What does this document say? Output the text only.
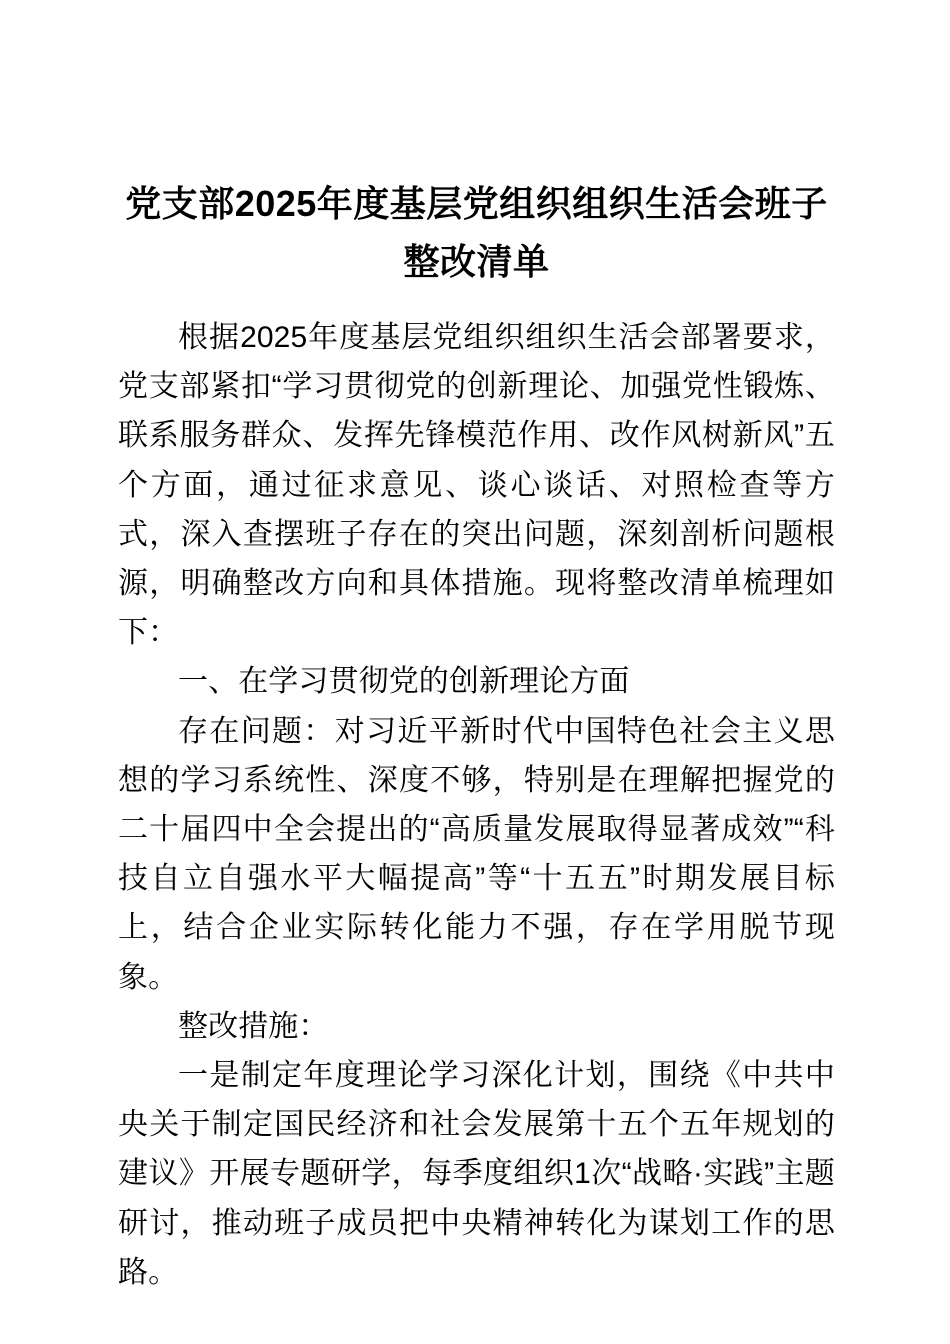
党支部2025年度基层党组织组织生活会班子整改清单

根据2025年度基层党组织组织生活会部署要求，党支部紧扣“学习贯彻党的创新理论、加强党性锻炼、联系服务群众、发挥先锋模范作用、改作风树新风”五个方面，通过征求意见、谈心谈话、对照检查等方式，深入查摆班子存在的突出问题，深刻剖析问题根源，明确整改方向和具体措施。现将整改清单梳理如下：

一、在学习贯彻党的创新理论方面

存在问题：对习近平新时代中国特色社会主义思想的学习系统性、深度不够，特别是在理解把握党的二十届四中全会提出的“高质量发展取得显著成效”“科技自立自强水平大幅提高”等“十五五”时期发展目标上，结合企业实际转化能力不强，存在学用脱节现象。

整改措施：

一是制定年度理论学习深化计划，围绕《中共中央关于制定国民经济和社会发展第十五个五年规划的建议》开展专题研学，每季度组织1次“战略·实践”主题研讨，推动班子成员把中央精神转化为谋划工作的思路。
